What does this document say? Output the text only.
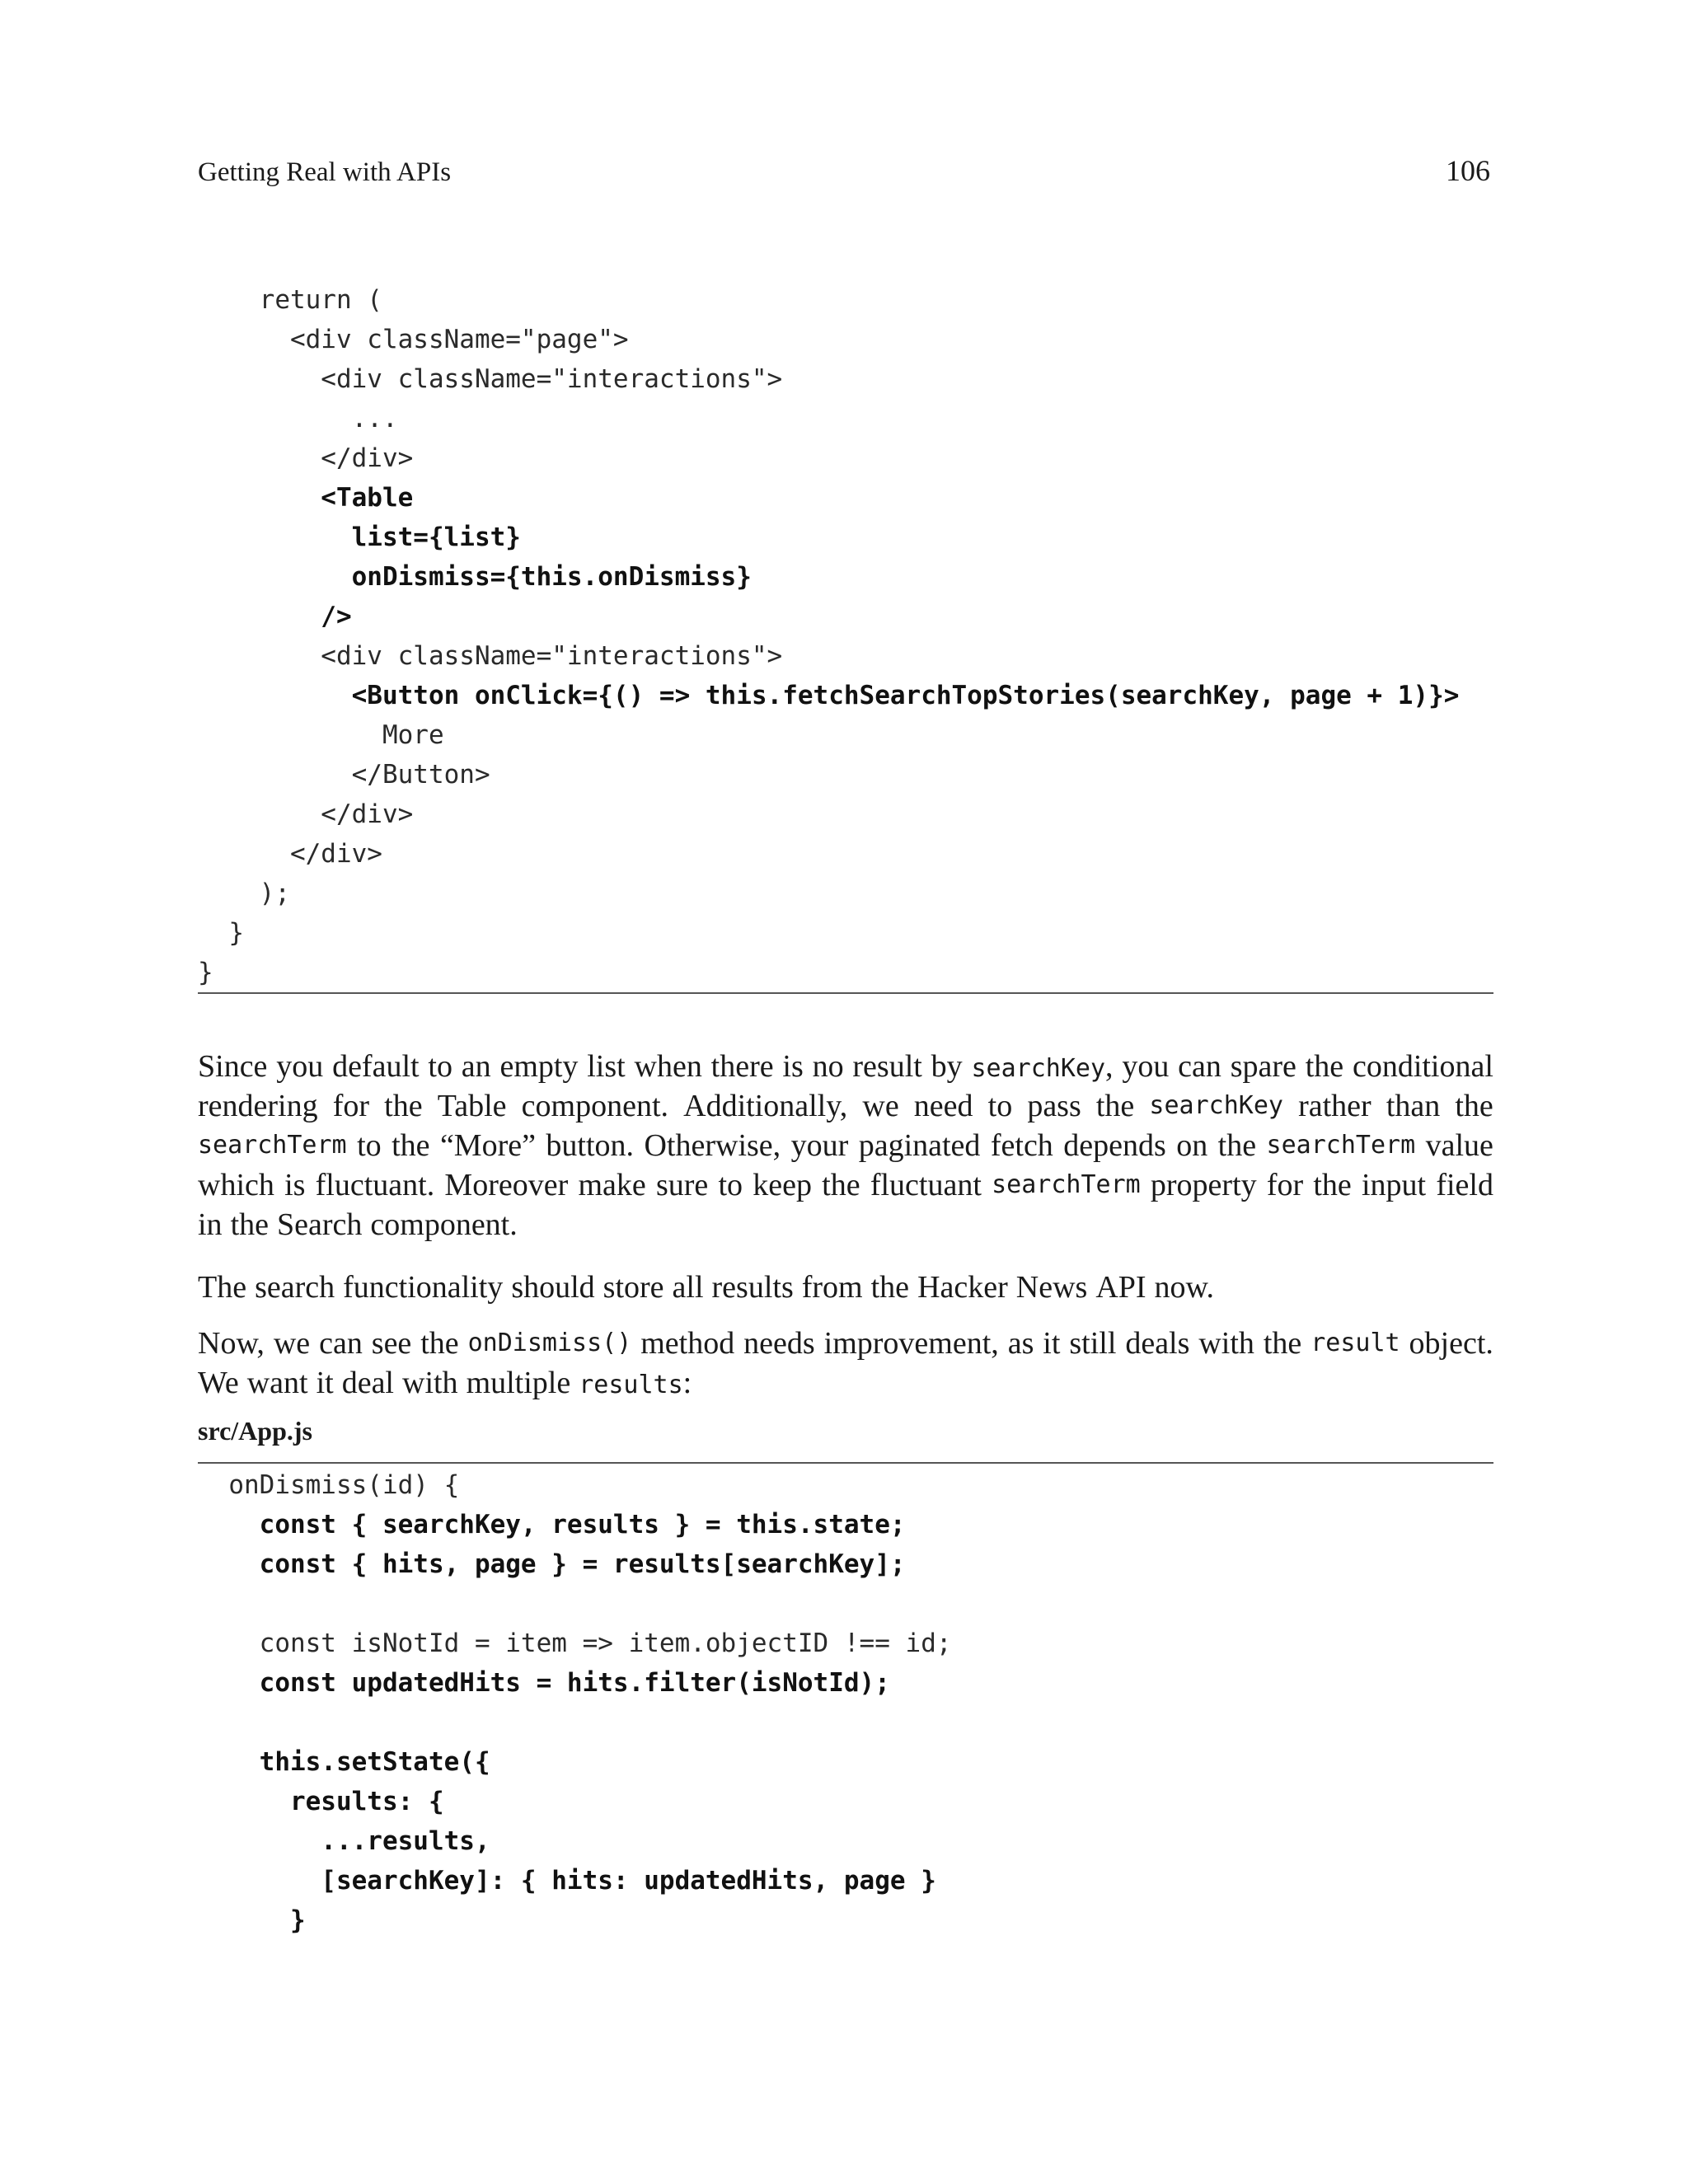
Getting Real with APIs	106
return (
<div className="page">
<div className="interactions">
...
</div>
<Table
list={list}
onDismiss={this.onDismiss}
/>
<div className="interactions">
<Button onClick={() => this.fetchSearchTopStories(searchKey, page + 1)}>
More
</Button>
</div>
</div>
);
}
}
Since you default to an empty list when there is no result by searchKey, you can spare the conditional
rendering for the Table component. Additionally, we need to pass the searchKey rather than the
searchTerm to the “More” button. Otherwise, your paginated fetch depends on the searchTerm value
which is fluctuant. Moreover make sure to keep the fluctuant searchTerm property for the input field
in the Search component.
The search functionality should store all results from the Hacker News API now.
Now, we can see the onDismiss() method needs improvement, as it still deals with the result object.
We want it deal with multiple results:
src/App.js
onDismiss(id) {
const { searchKey, results } = this.state;
const { hits, page } = results[searchKey];
const isNotId = item => item.objectID !== id;
const updatedHits = hits.filter(isNotId);
this.setState({
results: {
...results,
[searchKey]: { hits: updatedHits, page }
}
